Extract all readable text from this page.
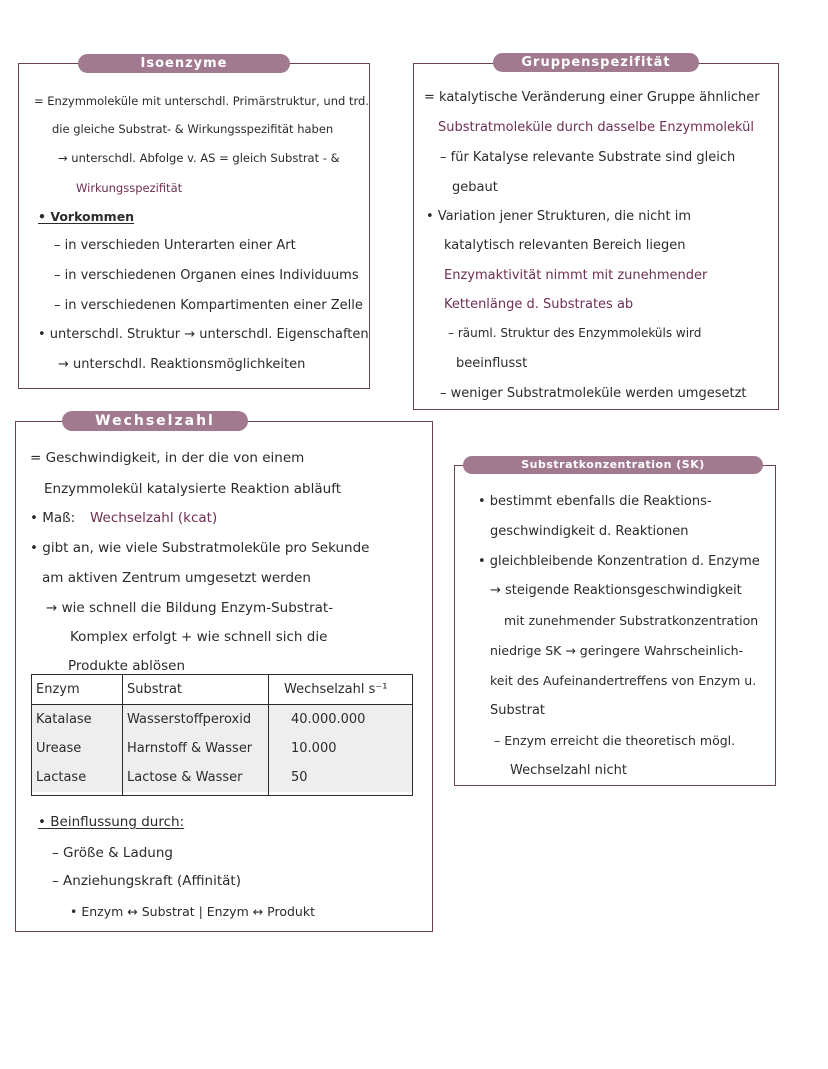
Isoenzyme
= Enzymmoleküle mit unterschdl. Primärstruktur, und trd.
die gleiche Substrat- & Wirkungsspezifität haben
→ unterschdl. Abfolge v. AS = gleich Substrat - &
Wirkungsspezifität
• Vorkommen
– in verschieden Unterarten einer Art
– in verschiedenen Organen eines Individuums
– in verschiedenen Kompartimenten einer Zelle
• unterschdl. Struktur → unterschdl. Eigenschaften
→ unterschdl. Reaktionsmöglichkeiten
Gruppenspezifität
= katalytische Veränderung einer Gruppe ähnlicher
Substratmoleküle durch dasselbe Enzymmolekül
– für Katalyse relevante Substrate sind gleich
gebaut
• Variation jener Strukturen, die nicht im
katalytisch relevanten Bereich liegen
Enzymaktivität nimmt mit zunehmender
Kettenlänge d. Substrates ab
– räuml. Struktur des Enzymmoleküls wird
beeinflusst
– weniger Substratmoleküle werden umgesetzt
Wechselzahl
= Geschwindigkeit, in der die von einem
Enzymmolekül katalysierte Reaktion abläuft
• Maß: Wechselzahl (kcat)
• gibt an, wie viele Substratmoleküle pro Sekunde
am aktiven Zentrum umgesetzt werden
→ wie schnell die Bildung Enzym-Substrat-
Komplex erfolgt + wie schnell sich die
Produkte ablösen
Enzym	Substrat	Wechselzahl s⁻¹
Katalase	Wasserstoffperoxid	40.000.000
Urease	Harnstoff & Wasser	10.000
Lactase	Lactose & Wasser	50
• Beinflussung durch:
– Größe & Ladung
– Anziehungskraft (Affinität)
• Enzym ↔ Substrat | Enzym ↔ Produkt
Substratkonzentration (SK)
• bestimmt ebenfalls die Reaktions-
geschwindigkeit d. Reaktionen
• gleichbleibende Konzentration d. Enzyme
→ steigende Reaktionsgeschwindigkeit
mit zunehmender Substratkonzentration
niedrige SK → geringere Wahrscheinlich-
keit des Aufeinandertreffens von Enzym u.
Substrat
– Enzym erreicht die theoretisch mögl.
Wechselzahl nicht
